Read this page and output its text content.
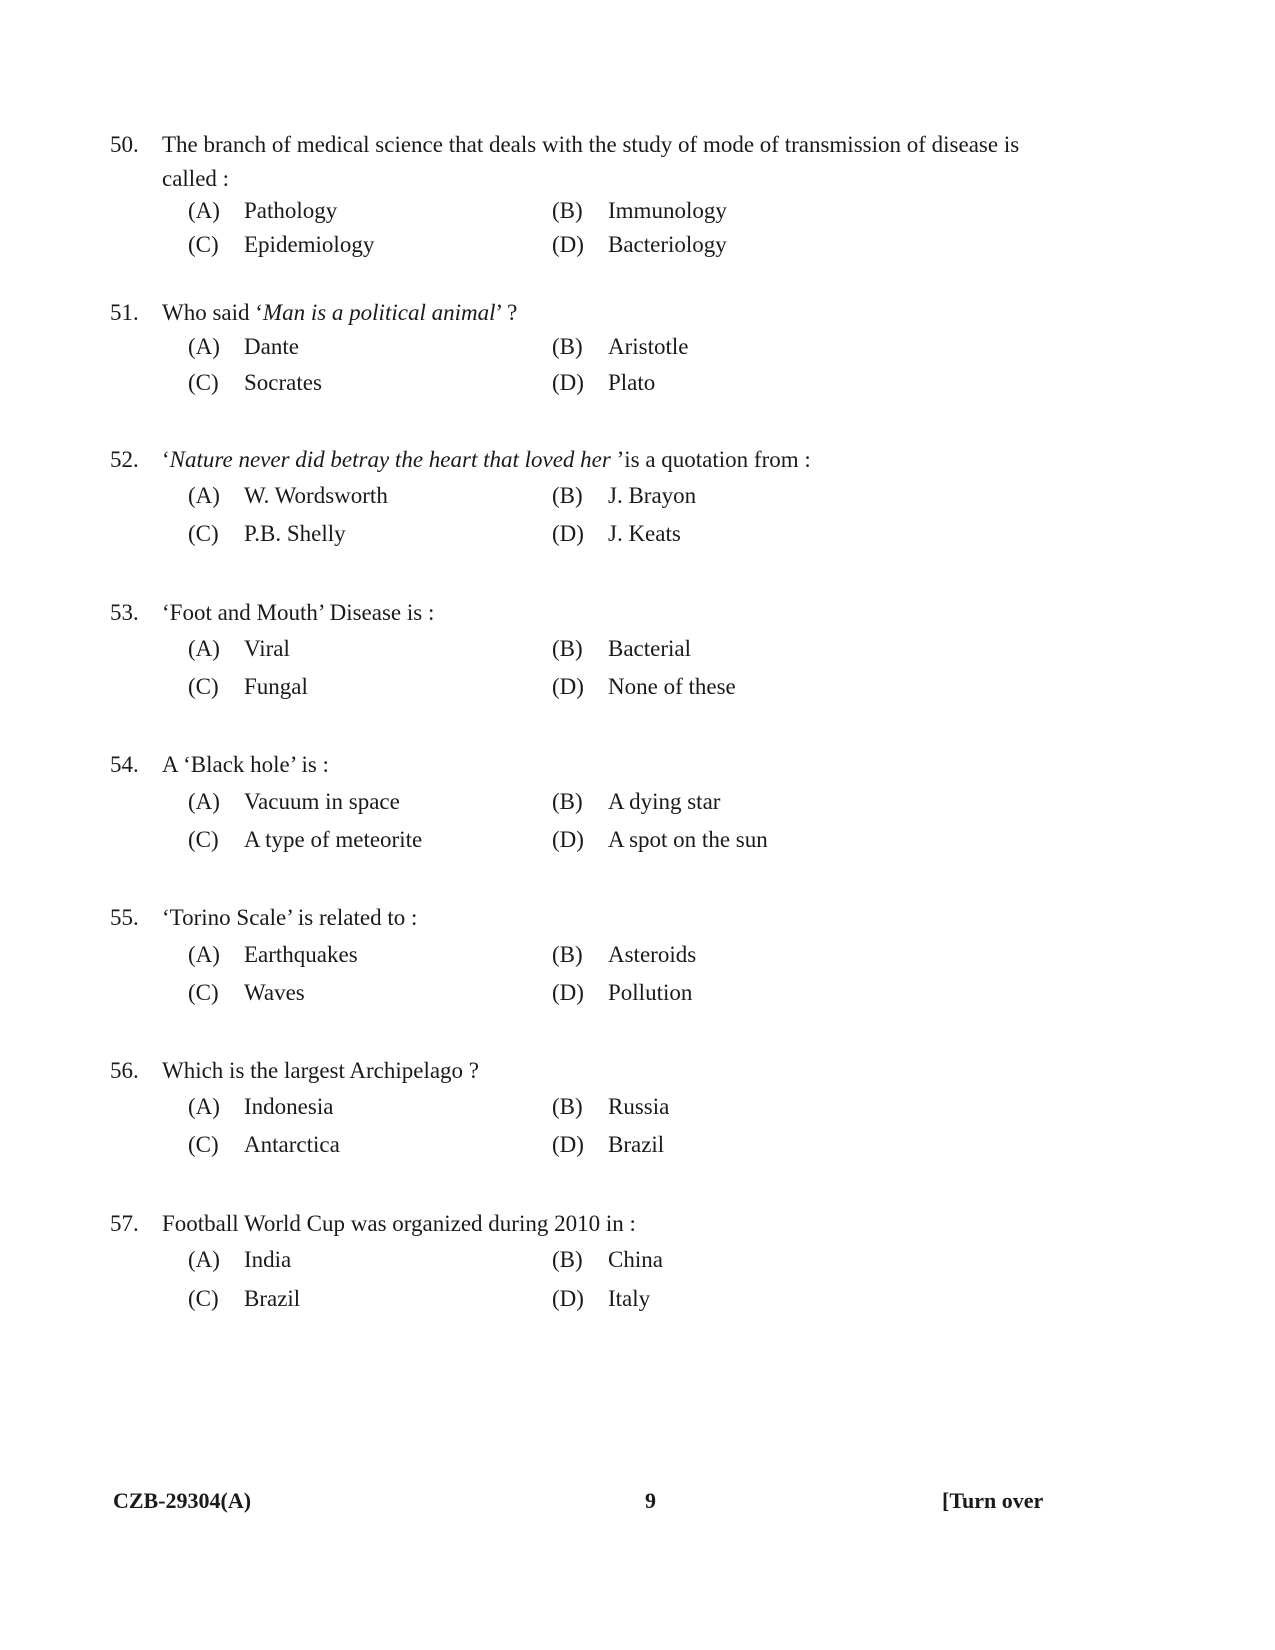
50. The branch of medical science that deals with the study of mode of transmission of disease is called :
(A) Pathology	(B) Immunology
(C) Epidemiology	(D) Bacteriology
51. Who said ‘Man is a political animal’ ?
(A) Dante	(B) Aristotle
(C) Socrates	(D) Plato
52. ‘Nature never did betray the heart that loved her ’is a quotation from :
(A) W. Wordsworth	(B) J. Brayon
(C) P.B. Shelly	(D) J. Keats
53. ‘Foot and Mouth’ Disease is :
(A) Viral	(B) Bacterial
(C) Fungal	(D) None of these
54. A ‘Black hole’ is :
(A) Vacuum in space	(B) A dying star
(C) A type of meteorite	(D) A spot on the sun
55. ‘Torino Scale’ is related to :
(A) Earthquakes	(B) Asteroids
(C) Waves	(D) Pollution
56. Which is the largest Archipelago ?
(A) Indonesia	(B) Russia
(C) Antarctica	(D) Brazil
57. Football World Cup was organized during 2010 in :
(A) India	(B) China
(C) Brazil	(D) Italy
CZB-29304(A)	9	[Turn over
